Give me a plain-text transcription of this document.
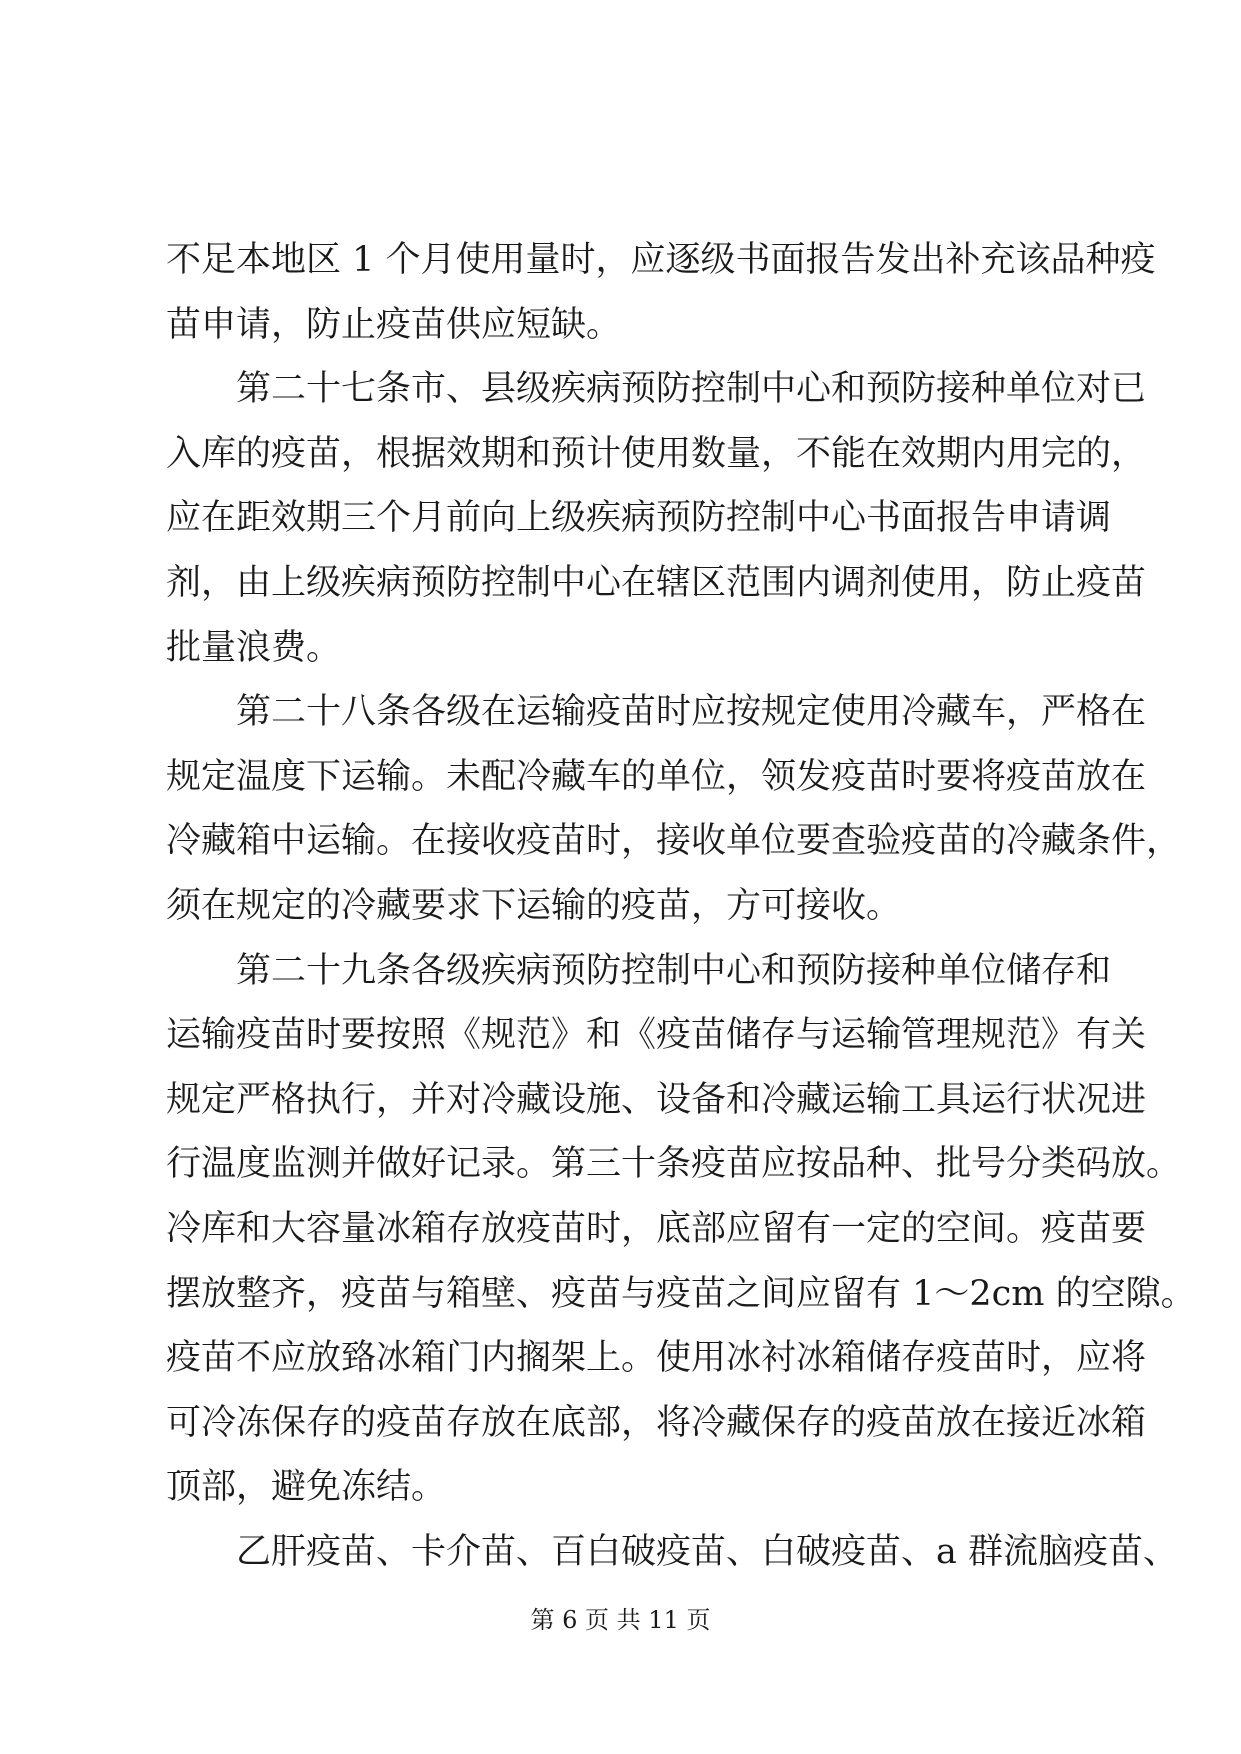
不足本地区 1 个月使用量时，应逐级书面报告发出补充该品种疫
苗申请，防止疫苗供应短缺。
第二十七条市、县级疾病预防控制中心和预防接种单位对已
入库的疫苗，根据效期和预计使用数量，不能在效期内用完的，
应在距效期三个月前向上级疾病预防控制中心书面报告申请调
剂，由上级疾病预防控制中心在辖区范围内调剂使用，防止疫苗
批量浪费。
第二十八条各级在运输疫苗时应按规定使用冷藏车，严格在
规定温度下运输。未配冷藏车的单位，领发疫苗时要将疫苗放在
冷藏箱中运输。在接收疫苗时，接收单位要查验疫苗的冷藏条件，
须在规定的冷藏要求下运输的疫苗，方可接收。
第二十九条各级疾病预防控制中心和预防接种单位储存和
运输疫苗时要按照《规范》和《疫苗储存与运输管理规范》有关
规定严格执行，并对冷藏设施、设备和冷藏运输工具运行状况进
行温度监测并做好记录。第三十条疫苗应按品种、批号分类码放。
冷库和大容量冰箱存放疫苗时，底部应留有一定的空间。疫苗要
摆放整齐，疫苗与箱壁、疫苗与疫苗之间应留有 1～2cm 的空隙。
疫苗不应放臵冰箱门内搁架上。使用冰衬冰箱储存疫苗时，应将
可冷冻保存的疫苗存放在底部，将冷藏保存的疫苗放在接近冰箱
顶部，避免冻结。
乙肝疫苗、卡介苗、百白破疫苗、白破疫苗、a 群流脑疫苗、
第 6 页 共 11 页
